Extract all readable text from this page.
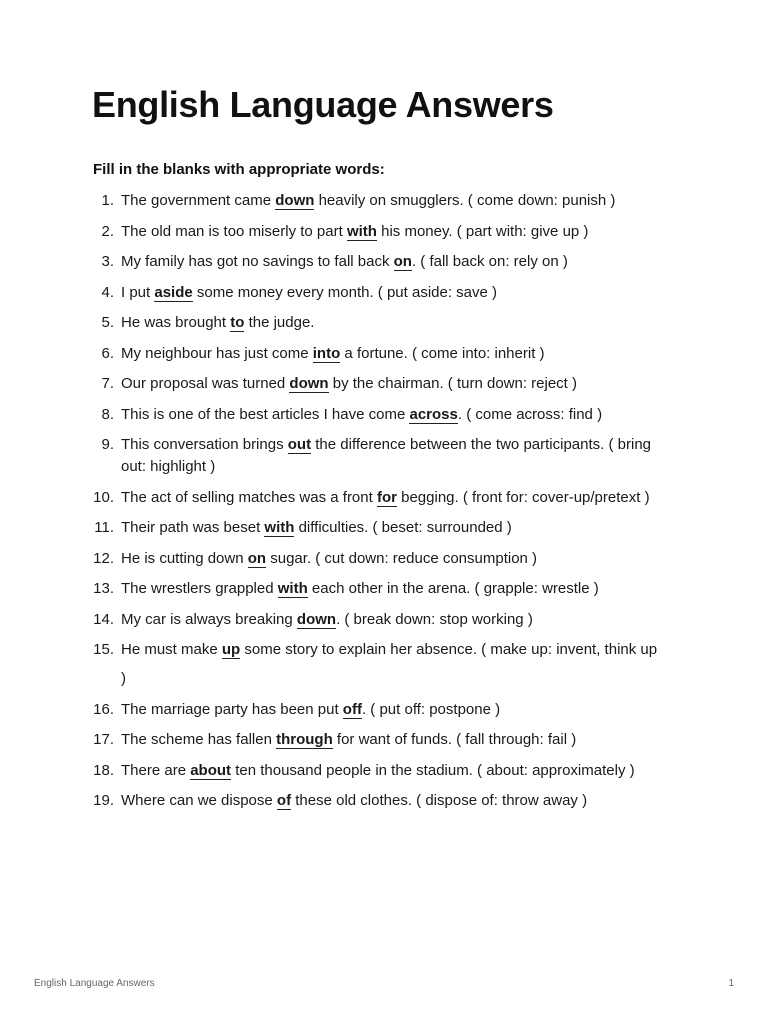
English Language Answers

Fill in the blanks with appropriate words:

1. The government came down heavily on smugglers. ( come down: punish )
2. The old man is too miserly to part with his money. ( part with: give up )
3. My family has got no savings to fall back on. ( fall back on: rely on )
4. I put aside some money every month. ( put aside: save )
5. He was brought to the judge.
6. My neighbour has just come into a fortune. ( come into: inherit )
7. Our proposal was turned down by the chairman. ( turn down: reject )
8. This is one of the best articles I have come across. ( come across: find )
9. This conversation brings out the difference between the two participants. ( bring
out: highlight )
10. The act of selling matches was a front for begging. ( front for: cover-up/pretext )
11. Their path was beset with difficulties. ( beset: surrounded )
12. He is cutting down on sugar. ( cut down: reduce consumption )
13. The wrestlers grappled with each other in the arena. ( grapple: wrestle )
14. My car is always breaking down. ( break down: stop working )
15. He must make up some story to explain her absence. ( make up: invent, think up
)
16. The marriage party has been put off. ( put off: postpone )
17. The scheme has fallen through for want of funds. ( fall through: fail )
18. There are about ten thousand people in the stadium. ( about: approximately )
19. Where can we dispose of these old clothes. ( dispose of: throw away )
English Language Answers	1
